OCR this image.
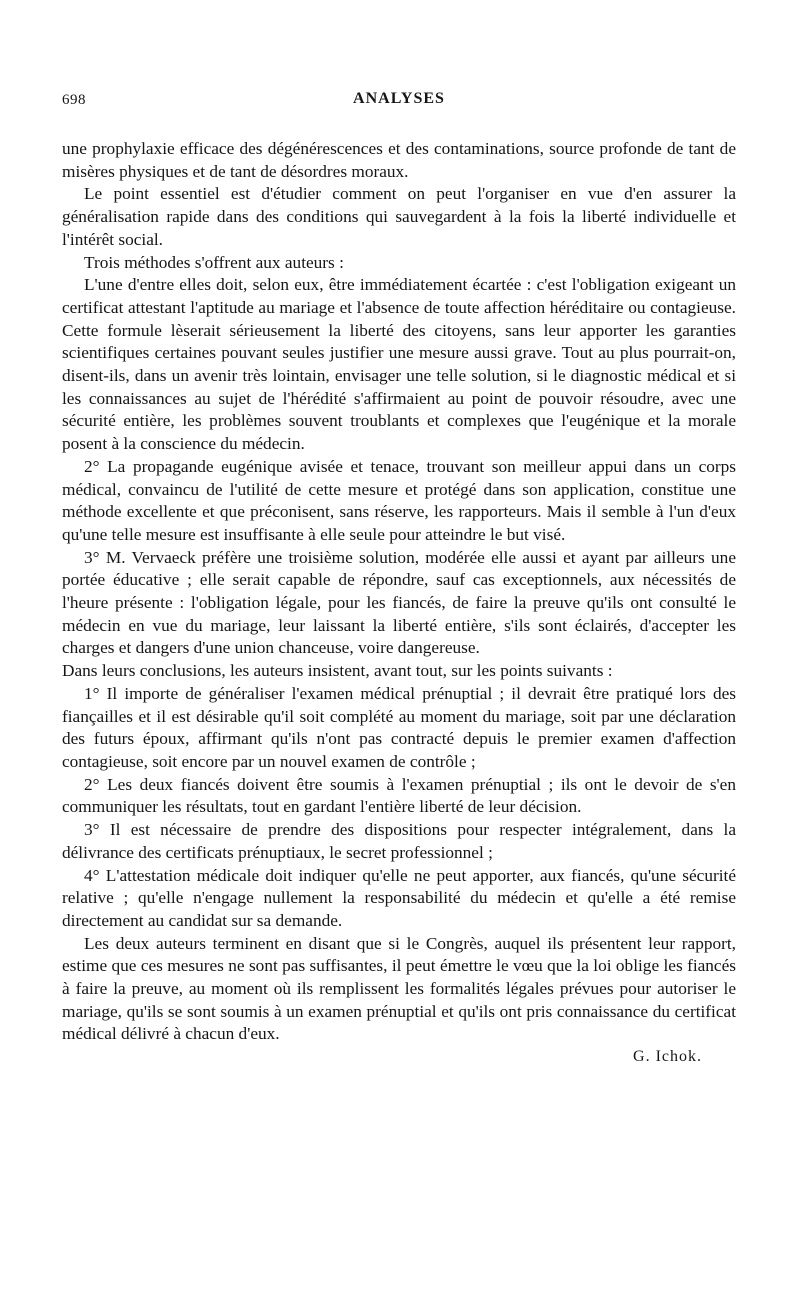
698	ANALYSES

une prophylaxie efficace des dégénérescences et des contaminations, source profonde de tant de misères physiques et de tant de désordres moraux.

Le point essentiel est d'étudier comment on peut l'organiser en vue d'en assurer la généralisation rapide dans des conditions qui sauvegardent à la fois la liberté individuelle et l'intérêt social.

Trois méthodes s'offrent aux auteurs :

L'une d'entre elles doit, selon eux, être immédiatement écartée : c'est l'obligation exigeant un certificat attestant l'aptitude au mariage et l'absence de toute affection héréditaire ou contagieuse. Cette formule lèserait sérieusement la liberté des citoyens, sans leur apporter les garanties scientifiques certaines pouvant seules justifier une mesure aussi grave. Tout au plus pourrait-on, disent-ils, dans un avenir très lointain, envisager une telle solution, si le diagnostic médical et si les connaissances au sujet de l'hérédité s'affirmaient au point de pouvoir résoudre, avec une sécurité entière, les problèmes souvent troublants et complexes que l'eugénique et la morale posent à la conscience du médecin.

2° La propagande eugénique avisée et tenace, trouvant son meilleur appui dans un corps médical, convaincu de l'utilité de cette mesure et protégé dans son application, constitue une méthode excellente et que préconisent, sans réserve, les rapporteurs. Mais il semble à l'un d'eux qu'une telle mesure est insuffisante à elle seule pour atteindre le but visé.

3° M. Vervaeck préfère une troisième solution, modérée elle aussi et ayant par ailleurs une portée éducative ; elle serait capable de répondre, sauf cas exceptionnels, aux nécessités de l'heure présente : l'obligation légale, pour les fiancés, de faire la preuve qu'ils ont consulté le médecin en vue du mariage, leur laissant la liberté entière, s'ils sont éclairés, d'accepter les charges et dangers d'une union chanceuse, voire dangereuse.

Dans leurs conclusions, les auteurs insistent, avant tout, sur les points suivants :

1° Il importe de généraliser l'examen médical prénuptial ; il devrait être pratiqué lors des fiançailles et il est désirable qu'il soit complété au moment du mariage, soit par une déclaration des futurs époux, affirmant qu'ils n'ont pas contracté depuis le premier examen d'affection contagieuse, soit encore par un nouvel examen de contrôle ;

2° Les deux fiancés doivent être soumis à l'examen prénuptial ; ils ont le devoir de s'en communiquer les résultats, tout en gardant l'entière liberté de leur décision.

3° Il est nécessaire de prendre des dispositions pour respecter intégralement, dans la délivrance des certificats prénuptiaux, le secret professionnel ;

4° L'attestation médicale doit indiquer qu'elle ne peut apporter, aux fiancés, qu'une sécurité relative ; qu'elle n'engage nullement la responsabilité du médecin et qu'elle a été remise directement au candidat sur sa demande.

Les deux auteurs terminent en disant que si le Congrès, auquel ils présentent leur rapport, estime que ces mesures ne sont pas suffisantes, il peut émettre le vœu que la loi oblige les fiancés à faire la preuve, au moment où ils remplissent les formalités légales prévues pour autoriser le mariage, qu'ils se sont soumis à un examen prénuptial et qu'ils ont pris connaissance du certificat médical délivré à chacun d'eux.

G. Ichok.
